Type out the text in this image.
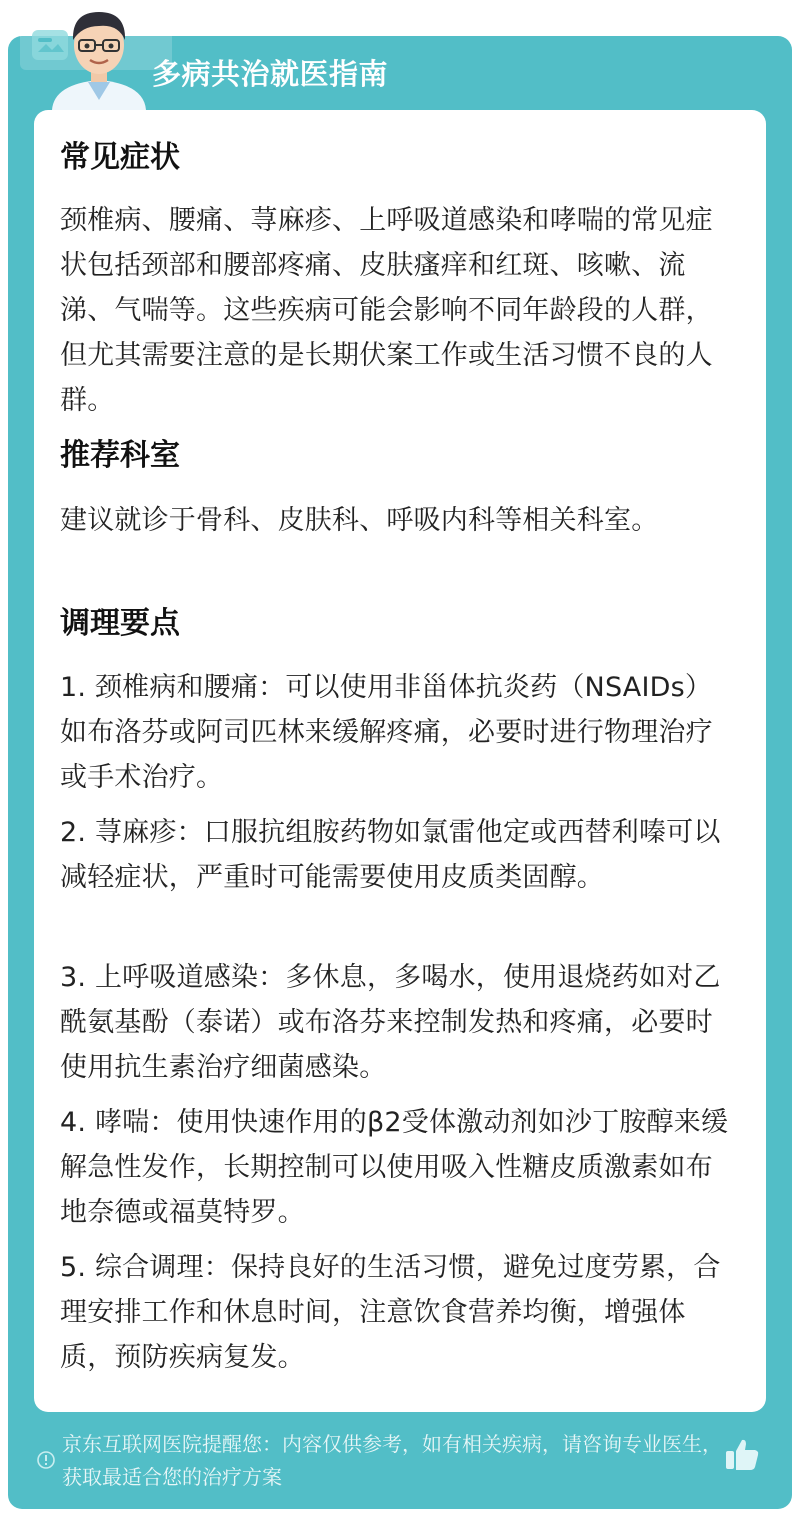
多病共治就医指南
常见症状

颈椎病、腰痛、荨麻疹、上呼吸道感染和哮喘的常见症状包括颈部和腰部疼痛、皮肤瘙痒和红斑、咳嗽、流涕、气喘等。这些疾病可能会影响不同年龄段的人群，但尤其需要注意的是长期伏案工作或生活习惯不良的人群。

推荐科室

建议就诊于骨科、皮肤科、呼吸内科等相关科室。

调理要点

1. 颈椎病和腰痛：可以使用非甾体抗炎药（NSAIDs）如布洛芬或阿司匹林来缓解疼痛，必要时进行物理治疗或手术治疗。

2. 荨麻疹：口服抗组胺药物如氯雷他定或西替利嗪可以减轻症状，严重时可能需要使用皮质类固醇。

3. 上呼吸道感染：多休息，多喝水，使用退烧药如对乙酰氨基酚（泰诺）或布洛芬来控制发热和疼痛，必要时使用抗生素治疗细菌感染。

4. 哮喘：使用快速作用的β2受体激动剂如沙丁胺醇来缓解急性发作，长期控制可以使用吸入性糖皮质激素如布地奈德或福莫特罗。

5. 综合调理：保持良好的生活习惯，避免过度劳累，合理安排工作和休息时间，注意饮食营养均衡，增强体质，预防疾病复发。

京东互联网医院提醒您：内容仅供参考，如有相关疾病，请咨询专业医生，获取最适合您的治疗方案
